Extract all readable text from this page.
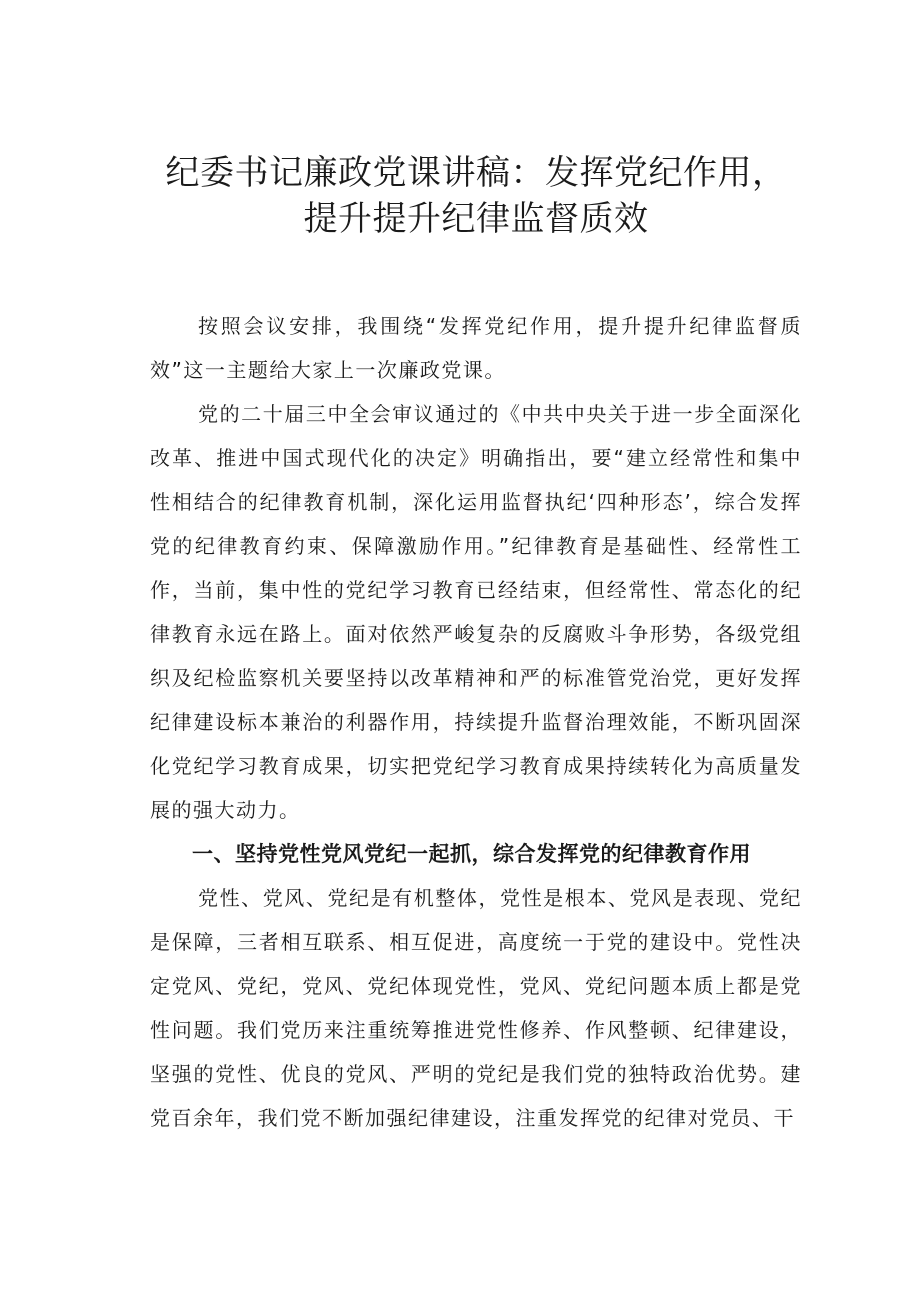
纪委书记廉政党课讲稿：发挥党纪作用，
提升提升纪律监督质效

按照会议安排，我围绕“发挥党纪作用，提升提升纪律监督质效”这一主题给大家上一次廉政党课。

党的二十届三中全会审议通过的《中共中央关于进一步全面深化改革、推进中国式现代化的决定》明确指出，要“建立经常性和集中性相结合的纪律教育机制，深化运用监督执纪‘四种形态’，综合发挥党的纪律教育约束、保障激励作用。”纪律教育是基础性、经常性工作，当前，集中性的党纪学习教育已经结束，但经常性、常态化的纪律教育永远在路上。面对依然严峻复杂的反腐败斗争形势，各级党组织及纪检监察机关要坚持以改革精神和严的标准管党治党，更好发挥纪律建设标本兼治的利器作用，持续提升监督治理效能，不断巩固深化党纪学习教育成果，切实把党纪学习教育成果持续转化为高质量发展的强大动力。

一、坚持党性党风党纪一起抓，综合发挥党的纪律教育作用

党性、党风、党纪是有机整体，党性是根本、党风是表现、党纪是保障，三者相互联系、相互促进，高度统一于党的建设中。党性决定党风、党纪，党风、党纪体现党性，党风、党纪问题本质上都是党性问题。我们党历来注重统筹推进党性修养、作风整顿、纪律建设，坚强的党性、优良的党风、严明的党纪是我们党的独特政治优势。建党百余年，我们党不断加强纪律建设，注重发挥党的纪律对党员、干
